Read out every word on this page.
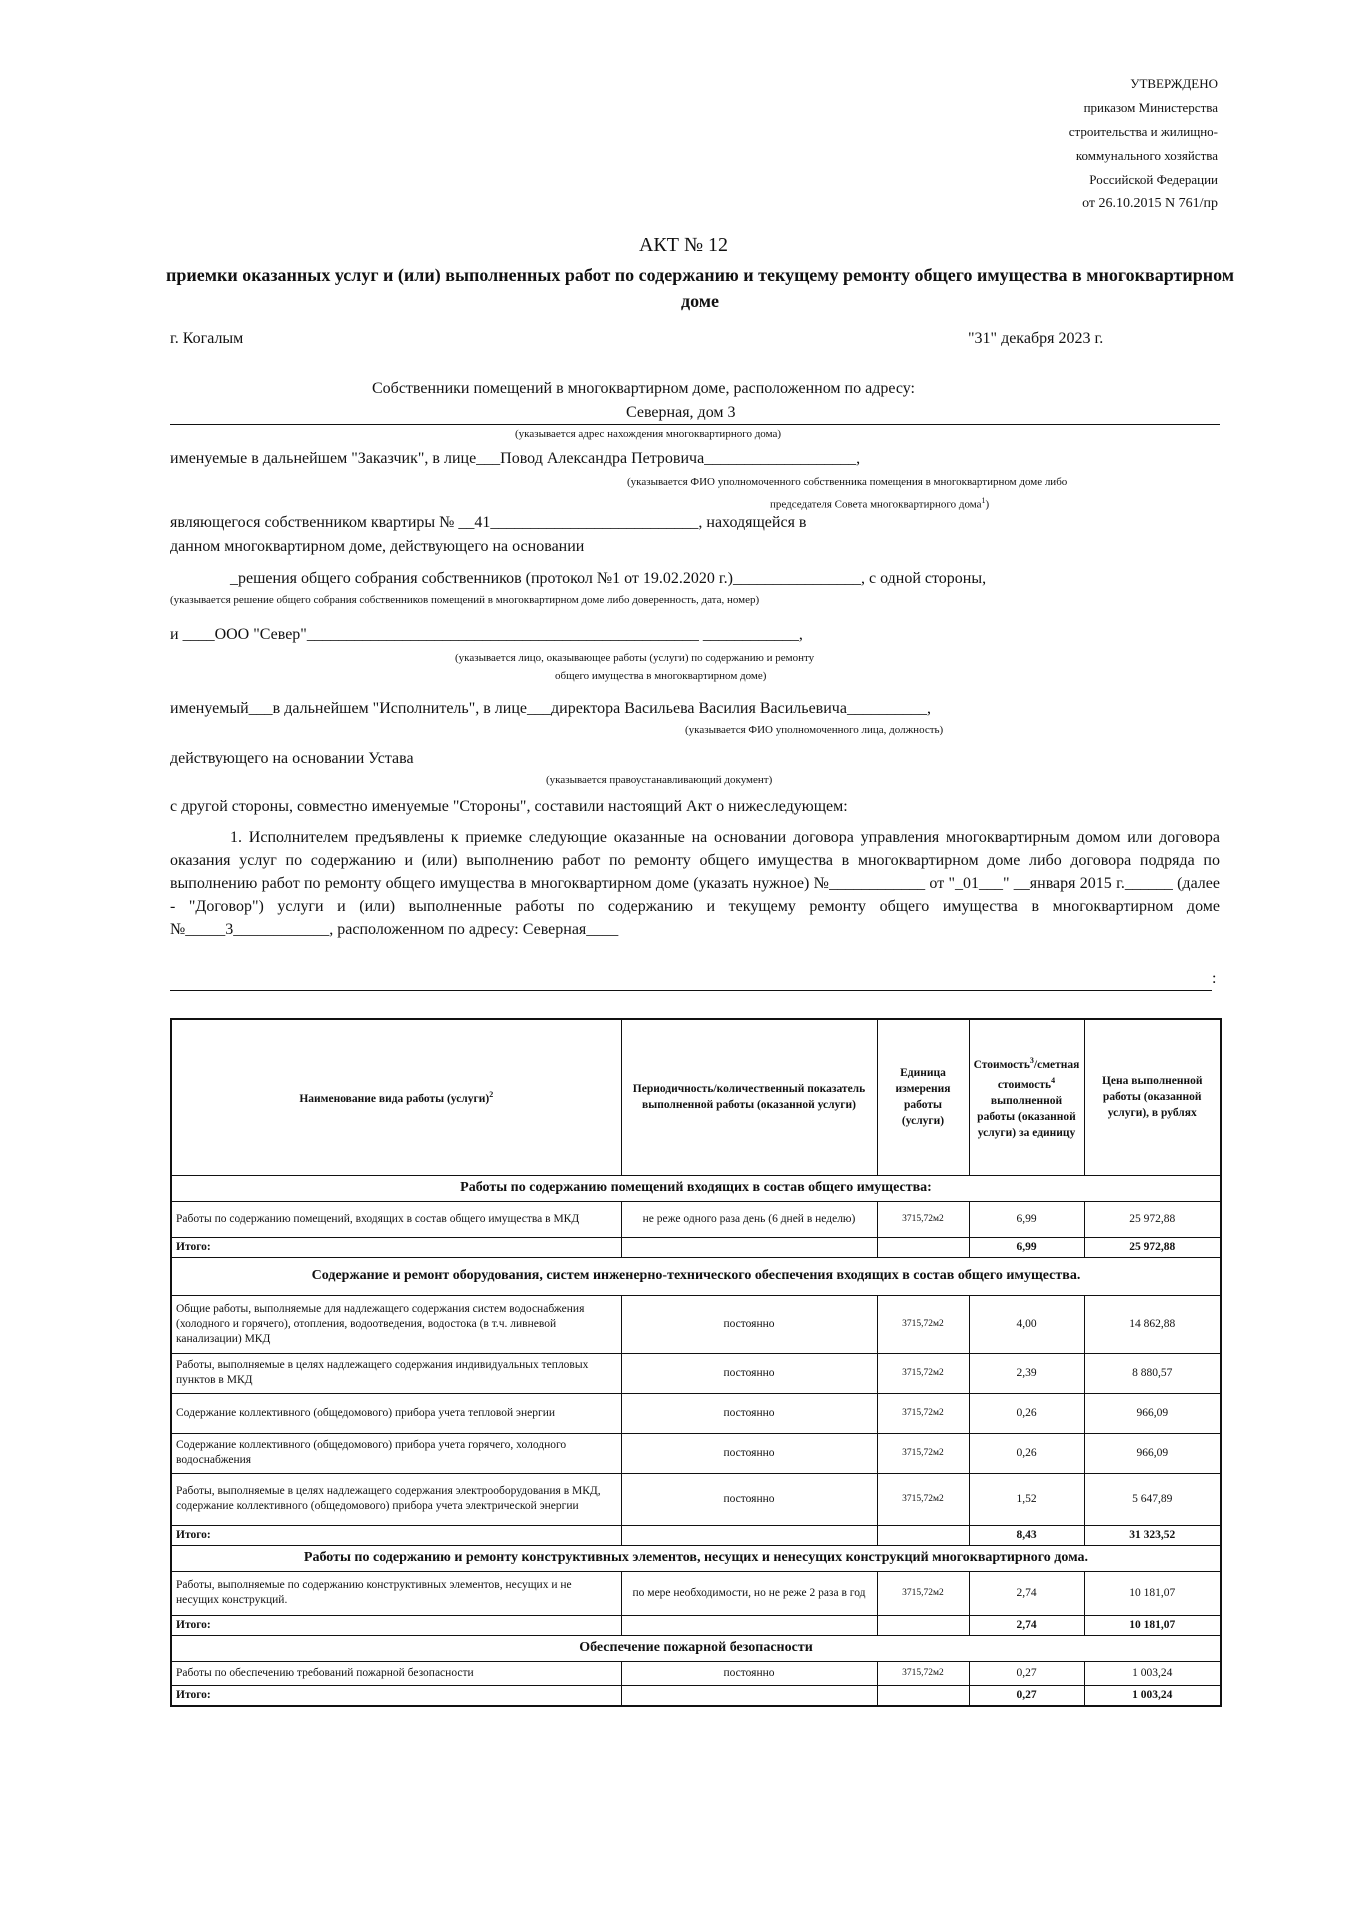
УТВЕРЖДЕНО
приказом Министерства
строительства и жилищно-
коммунального хозяйства
Российской Федерации
от 26.10.2015 N 761/пр
АКТ № 12
приемки оказанных услуг и (или) выполненных работ по содержанию и текущему ремонту общего имущества в многоквартирном доме
г. Когалым	"31" декабря 2023 г.
Собственники помещений в многоквартирном доме, расположенном по адресу:
Северная, дом 3
(указывается адрес нахождения многоквартирного дома)
именуемые в дальнейшем "Заказчик", в лице___Повод Александра Петровича___________________,
(указывается ФИО уполномоченного собственника помещения в многоквартирном доме либо
председателя Совета многоквартирного дома$^1$)
являющегося собственником квартиры № __41__________________________, находящейся в
данном многоквартирном доме, действующего на основании
_решения общего собрания собственников (протокол №1 от 19.02.2020 г.)________________, с одной стороны,
(указывается решение общего собрания собственников помещений в многоквартирном доме либо доверенность, дата, номер)
и ____ООО "Север"_________________________________________________ ____________,
(указывается лицо, оказывающее работы (услуги) по содержанию и ремонту
общего имущества в многоквартирном доме)
именуемый___в дальнейшем "Исполнитель", в лице___директора Васильева Василия Васильевича__________,
(указывается ФИО уполномоченного лица, должность)
действующего на основании Устава
(указывается правоустанавливающий документ)
с другой стороны, совместно именуемые "Стороны", составили настоящий Акт о нижеследующем:
1. Исполнителем предъявлены к приемке следующие оказанные на основании договора управления многоквартирным домом или договора оказания услуг по содержанию и (или) выполнению работ по ремонту общего имущества в многоквартирном доме либо договора подряда по выполнению работ по ремонту общего имущества в многоквартирном доме (указать нужное) №____________ от "_01___" __января 2015 г.______ (далее - "Договор") услуги и (или) выполненные работы по содержанию и текущему ремонту общего имущества в многоквартирном доме №_____3____________, расположенном по адресу: Северная____
:
Наименование вида работы (услуги)$^2$	Периодичность/количественный показатель выполненной работы (оказанной услуги)	Единица измерения работы (услуги)	Стоимость$^3$/сметная стоимость$^4$ выполненной работы (оказанной услуги) за единицу	Цена выполненной работы (оказанной услуги), в рублях
Работы по содержанию помещений входящих в состав общего имущества:				
Работы по содержанию помещений, входящих в состав общего имущества в МКД	не реже одного раза день (6 дней в неделю)	3715,72м2	6,99	25 972,88
Итого:			6,99	25 972,88
Содержание и ремонт оборудования, систем инженерно-технического обеспечения входящих в состав общего имущества.				
Общие работы, выполняемые для надлежащего содержания систем водоснабжения (холодного и горячего), отопления, водоотведения, водостока (в т.ч. ливневой канализации) МКД	постоянно	3715,72м2	4,00	14 862,88
Работы, выполняемые в целях надлежащего содержания индивидуальных тепловых пунктов в МКД	постоянно	3715,72м2	2,39	8 880,57
Содержание коллективного (общедомового) прибора учета тепловой энергии	постоянно	3715,72м2	0,26	966,09
Содержание коллективного (общедомового) прибора учета горячего, холодного водоснабжения	постоянно	3715,72м2	0,26	966,09
Работы, выполняемые в целях надлежащего содержания электрооборудования в МКД, содержание коллективного (общедомового) прибора учета электрической энергии	постоянно	3715,72м2	1,52	5 647,89
Итого:			8,43	31 323,52
Работы по содержанию и ремонту конструктивных элементов, несущих и ненесущих конструкций многоквартирного дома.				
Работы, выполняемые по содержанию конструктивных элементов, несущих и не несущих конструкций.	по мере необходимости, но не реже 2 раза в год	3715,72м2	2,74	10 181,07
Итого:			2,74	10 181,07
Обеспечение пожарной безопасности				
Работы по обеспечению требований пожарной безопасности	постоянно	3715,72м2	0,27	1 003,24
Итого:			0,27	1 003,24
